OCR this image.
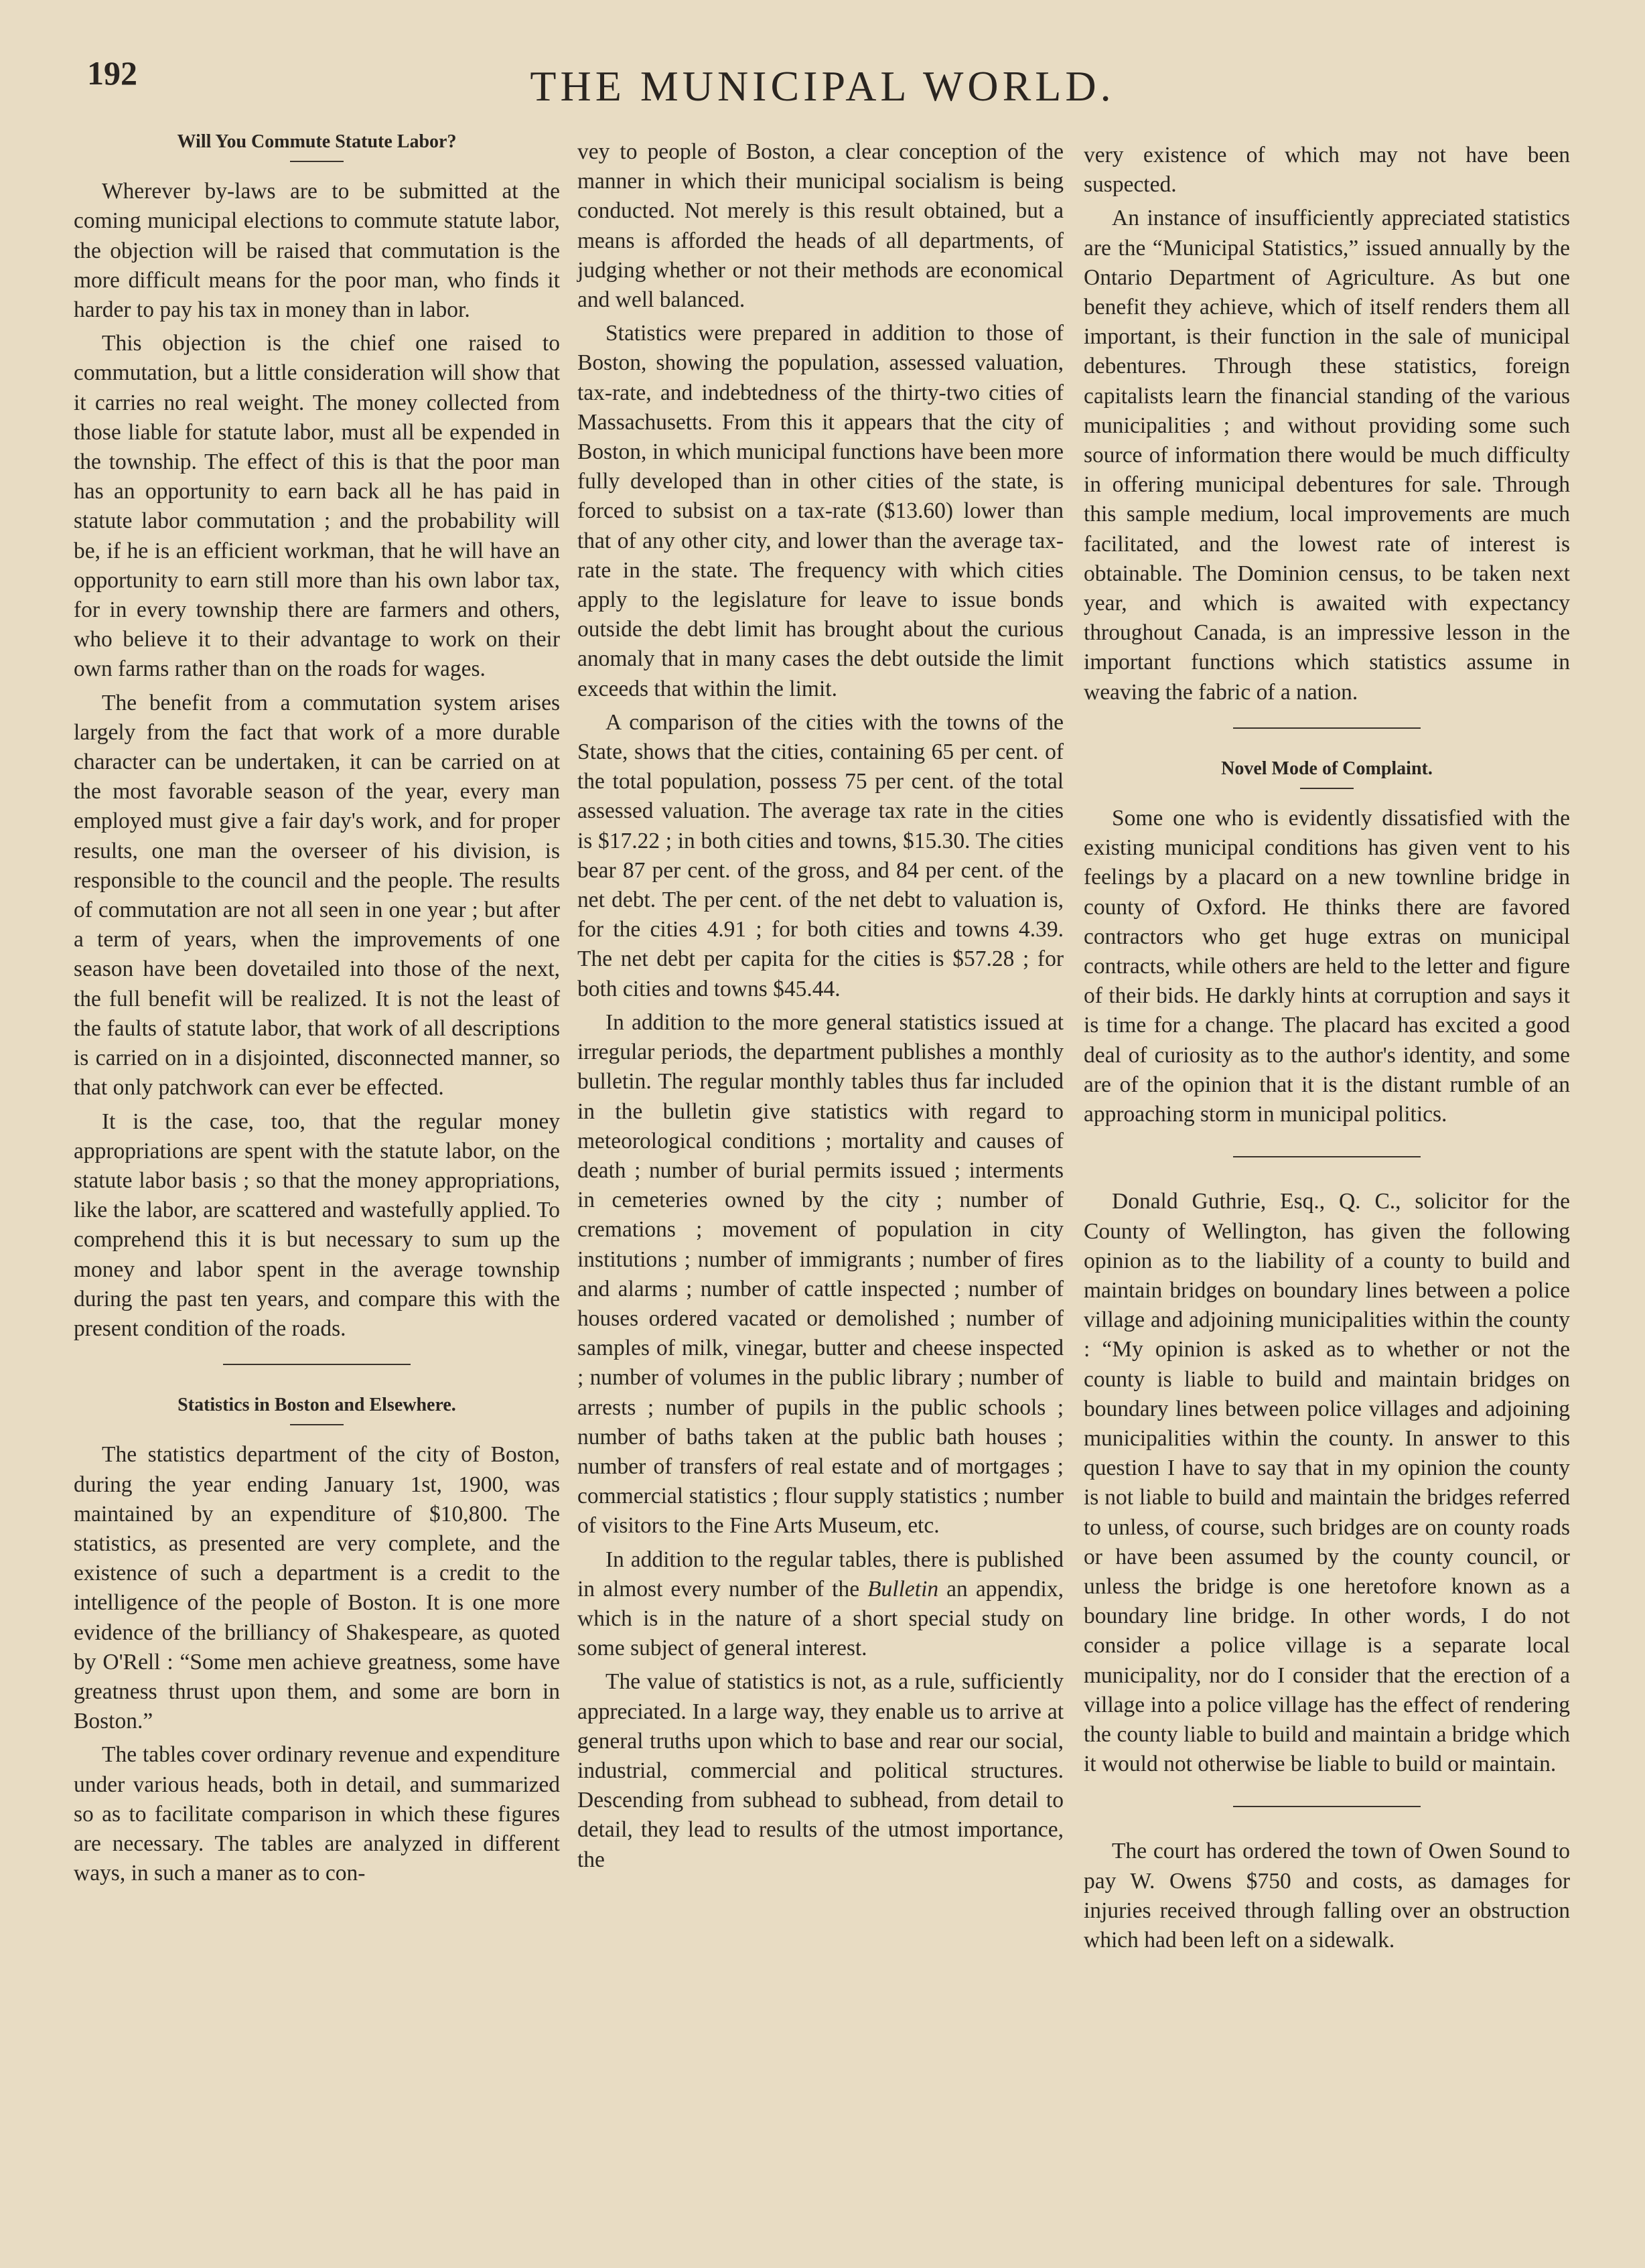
192	THE MUNICIPAL WORLD.

Will You Commute Statute Labor?

Wherever by-laws are to be submitted at the coming municipal elections to commute statute labor, the objection will be raised that commutation is the more difficult means for the poor man, who finds it harder to pay his tax in money than in labor.

This objection is the chief one raised to commutation, but a little consideration will show that it carries no real weight. The money collected from those liable for statute labor, must all be expended in the township. The effect of this is that the poor man has an opportunity to earn back all he has paid in statute labor commutation ; and the probability will be, if he is an efficient workman, that he will have an opportunity to earn still more than his own labor tax, for in every township there are farmers and others, who believe it to their advantage to work on their own farms rather than on the roads for wages.

The benefit from a commutation system arises largely from the fact that work of a more durable character can be undertaken, it can be carried on at the most favorable season of the year, every man employed must give a fair day's work, and for proper results, one man the overseer of his division, is responsible to the council and the people. The results of commutation are not all seen in one year ; but after a term of years, when the improvements of one season have been dovetailed into those of the next, the full benefit will be realized. It is not the least of the faults of statute labor, that work of all descriptions is carried on in a disjointed, disconnected manner, so that only patchwork can ever be effected.

It is the case, too, that the regular money appropriations are spent with the statute labor, on the statute labor basis ; so that the money appropriations, like the labor, are scattered and wastefully applied. To comprehend this it is but necessary to sum up the money and labor spent in the average township during the past ten years, and compare this with the present condition of the roads.

Statistics in Boston and Elsewhere.

The statistics department of the city of Boston, during the year ending January 1st, 1900, was maintained by an expenditure of $10,800. The statistics, as presented are very complete, and the existence of such a department is a credit to the intelligence of the people of Boston. It is one more evidence of the brilliancy of Shakespeare, as quoted by O'Rell : “Some men achieve greatness, some have greatness thrust upon them, and some are born in Boston.”

The tables cover ordinary revenue and expenditure under various heads, both in detail, and summarized so as to facilitate comparison in which these figures are necessary. The tables are analyzed in different ways, in such a maner as to con-

vey to people of Boston, a clear conception of the manner in which their municipal socialism is being conducted. Not merely is this result obtained, but a means is afforded the heads of all departments, of judging whether or not their methods are economical and well balanced.

Statistics were prepared in addition to those of Boston, showing the population, assessed valuation, tax-rate, and indebtedness of the thirty-two cities of Massachusetts. From this it appears that the city of Boston, in which municipal functions have been more fully developed than in other cities of the state, is forced to subsist on a tax-rate ($13.60) lower than that of any other city, and lower than the average tax-rate in the state. The frequency with which cities apply to the legislature for leave to issue bonds outside the debt limit has brought about the curious anomaly that in many cases the debt outside the limit exceeds that within the limit.

A comparison of the cities with the towns of the State, shows that the cities, containing 65 per cent. of the total population, possess 75 per cent. of the total assessed valuation. The average tax rate in the cities is $17.22 ; in both cities and towns, $15.30. The cities bear 87 per cent. of the gross, and 84 per cent. of the net debt. The per cent. of the net debt to valuation is, for the cities 4.91 ; for both cities and towns 4.39. The net debt per capita for the cities is $57.28 ; for both cities and towns $45.44.

In addition to the more general statistics issued at irregular periods, the department publishes a monthly bulletin. The regular monthly tables thus far included in the bulletin give statistics with regard to meteorological conditions ; mortality and causes of death ; number of burial permits issued ; interments in cemeteries owned by the city ; number of cremations ; movement of population in city institutions ; number of immigrants ; number of fires and alarms ; number of cattle inspected ; number of houses ordered vacated or demolished ; number of samples of milk, vinegar, butter and cheese inspected ; number of volumes in the public library ; number of arrests ; number of pupils in the public schools ; number of baths taken at the public bath houses ; number of transfers of real estate and of mortgages ; commercial statistics ; flour supply statistics ; number of visitors to the Fine Arts Museum, etc.

In addition to the regular tables, there is published in almost every number of the Bulletin an appendix, which is in the nature of a short special study on some subject of general interest.

The value of statistics is not, as a rule, sufficiently appreciated. In a large way, they enable us to arrive at general truths upon which to base and rear our social, industrial, commercial and political structures. Descending from subhead to subhead, from detail to detail, they lead to results of the utmost importance, the

very existence of which may not have been suspected.

An instance of insufficiently appreciated statistics are the “Municipal Statistics,” issued annually by the Ontario Department of Agriculture. As but one benefit they achieve, which of itself renders them all important, is their function in the sale of municipal debentures. Through these statistics, foreign capitalists learn the financial standing of the various municipalities ; and without providing some such source of information there would be much difficulty in offering municipal debentures for sale. Through this sample medium, local improvements are much facilitated, and the lowest rate of interest is obtainable. The Dominion census, to be taken next year, and which is awaited with expectancy throughout Canada, is an impressive lesson in the important functions which statistics assume in weaving the fabric of a nation.

Novel Mode of Complaint.

Some one who is evidently dissatisfied with the existing municipal conditions has given vent to his feelings by a placard on a new townline bridge in county of Oxford. He thinks there are favored contractors who get huge extras on municipal contracts, while others are held to the letter and figure of their bids. He darkly hints at corruption and says it is time for a change. The placard has excited a good deal of curiosity as to the author's identity, and some are of the opinion that it is the distant rumble of an approaching storm in municipal politics.

Donald Guthrie, Esq., Q. C., solicitor for the County of Wellington, has given the following opinion as to the liability of a county to build and maintain bridges on boundary lines between a police village and adjoining municipalities within the county : “My opinion is asked as to whether or not the county is liable to build and maintain bridges on boundary lines between police villages and adjoining municipalities within the county. In answer to this question I have to say that in my opinion the county is not liable to build and maintain the bridges referred to unless, of course, such bridges are on county roads or have been assumed by the county council, or unless the bridge is one heretofore known as a boundary line bridge. In other words, I do not consider a police village is a separate local municipality, nor do I consider that the erection of a village into a police village has the effect of rendering the county liable to build and maintain a bridge which it would not otherwise be liable to build or maintain.

The court has ordered the town of Owen Sound to pay W. Owens $750 and costs, as damages for injuries received through falling over an obstruction which had been left on a sidewalk.
